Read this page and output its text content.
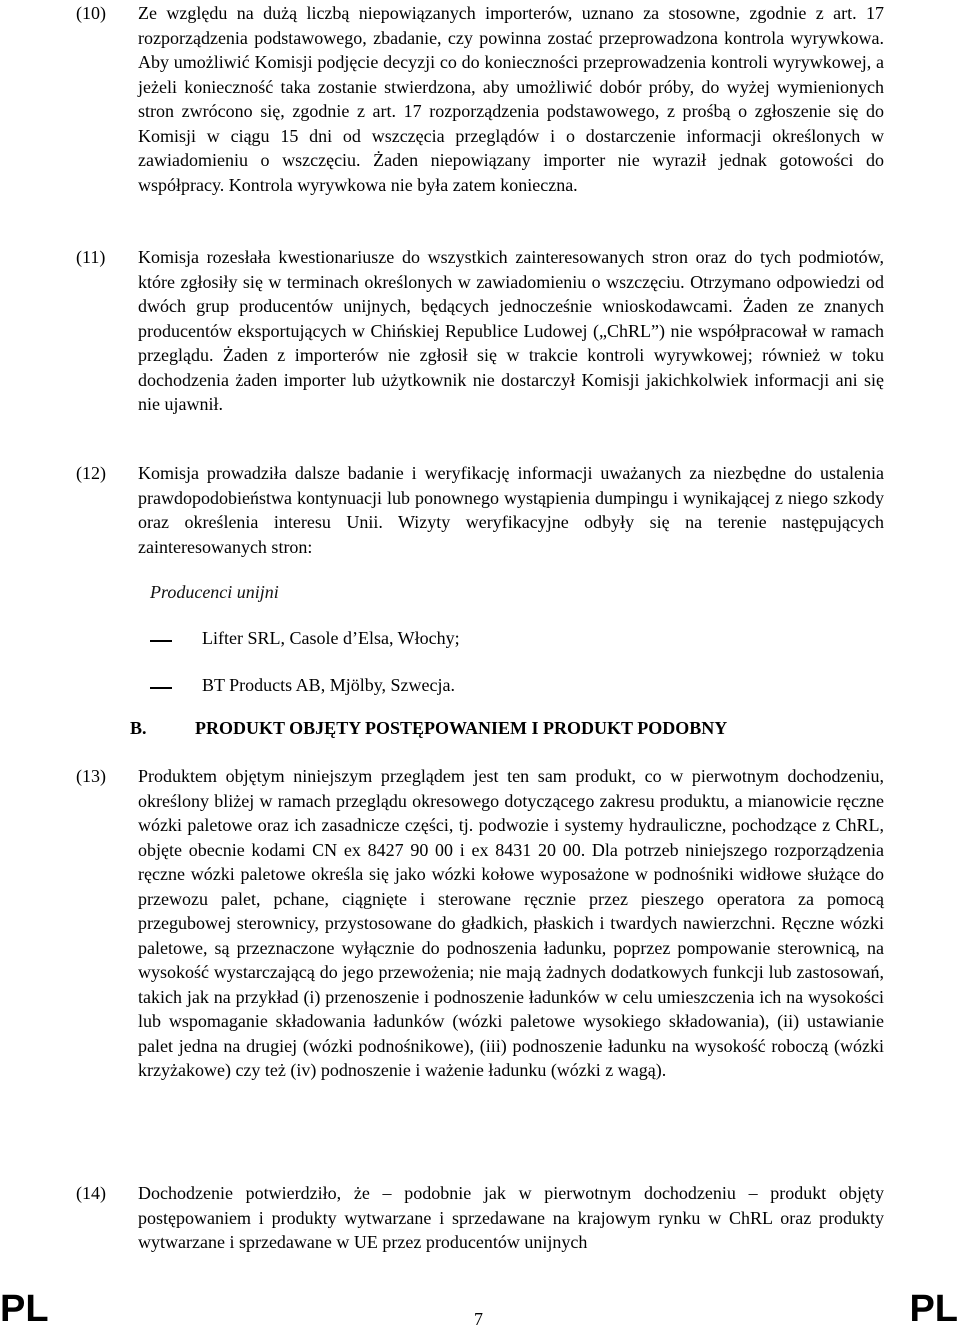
(10) Ze względu na dużą liczbą niepowiązanych importerów, uznano za stosowne, zgodnie z art. 17 rozporządzenia podstawowego, zbadanie, czy powinna zostać przeprowadzona kontrola wyrywkowa. Aby umożliwić Komisji podjęcie decyzji co do konieczności przeprowadzenia kontroli wyrywkowej, a jeżeli konieczność taka zostanie stwierdzona, aby umożliwić dobór próby, do wyżej wymienionych stron zwrócono się, zgodnie z art. 17 rozporządzenia podstawowego, z prośbą o zgłoszenie się do Komisji w ciągu 15 dni od wszczęcia przeglądów i o dostarczenie informacji określonych w zawiadomieniu o wszczęciu. Żaden niepowiązany importer nie wyraził jednak gotowości do współpracy. Kontrola wyrywkowa nie była zatem konieczna.
(11) Komisja rozesłała kwestionariusze do wszystkich zainteresowanych stron oraz do tych podmiotów, które zgłosiły się w terminach określonych w zawiadomieniu o wszczęciu. Otrzymano odpowiedzi od dwóch grup producentów unijnych, będących jednocześnie wnioskodawcami. Żaden ze znanych producentów eksportujących w Chińskiej Republice Ludowej („ChRL”) nie współpracował w ramach przeglądu. Żaden z importerów nie zgłosił się w trakcie kontroli wyrywkowej; również w toku dochodzenia żaden importer lub użytkownik nie dostarczył Komisji jakichkolwiek informacji ani się nie ujawnił.
(12) Komisja prowadziła dalsze badanie i weryfikację informacji uważanych za niezbędne do ustalenia prawdopodobieństwa kontynuacji lub ponownego wystąpienia dumpingu i wynikającej z niego szkody oraz określenia interesu Unii. Wizyty weryfikacyjne odbyły się na terenie następujących zainteresowanych stron:
Producenci unijni
Lifter SRL, Casole d’Elsa, Włochy;
BT Products AB, Mjölby, Szwecja.
B.	PRODUKT OBJĘTY POSTĘPOWANIEM I PRODUKT PODOBNY
(13) Produktem objętym niniejszym przeglądem jest ten sam produkt, co w pierwotnym dochodzeniu, określony bliżej w ramach przeglądu okresowego dotyczącego zakresu produktu, a mianowicie ręczne wózki paletowe oraz ich zasadnicze części, tj. podwozie i systemy hydrauliczne, pochodzące z ChRL, objęte obecnie kodami CN ex 8427 90 00 i ex 8431 20 00. Dla potrzeb niniejszego rozporządzenia ręczne wózki paletowe określa się jako wózki kołowe wyposażone w podnośniki widłowe służące do przewozu palet, pchane, ciągnięte i sterowane ręcznie przez pieszego operatora za pomocą przegubowej sterownicy, przystosowane do gładkich, płaskich i twardych nawierzchni. Ręczne wózki paletowe, są przeznaczone wyłącznie do podnoszenia ładunku, poprzez pompowanie sterownicą, na wysokość wystarczającą do jego przewożenia; nie mają żadnych dodatkowych funkcji lub zastosowań, takich jak na przykład (i) przenoszenie i podnoszenie ładunków w celu umieszczenia ich na wysokości lub wspomaganie składowania ładunków (wózki paletowe wysokiego składowania), (ii) ustawianie palet jedna na drugiej (wózki podnośnikowe), (iii) podnoszenie ładunku na wysokość roboczą (wózki krzyżakowe) czy też (iv) podnoszenie i ważenie ładunku (wózki z wagą).
(14) Dochodzenie potwierdziło, że – podobnie jak w pierwotnym dochodzeniu – produkt objęty postępowaniem i produkty wytwarzane i sprzedawane na krajowym rynku w ChRL oraz produkty wytwarzane i sprzedawane w UE przez producentów unijnych
PL	7	PL
